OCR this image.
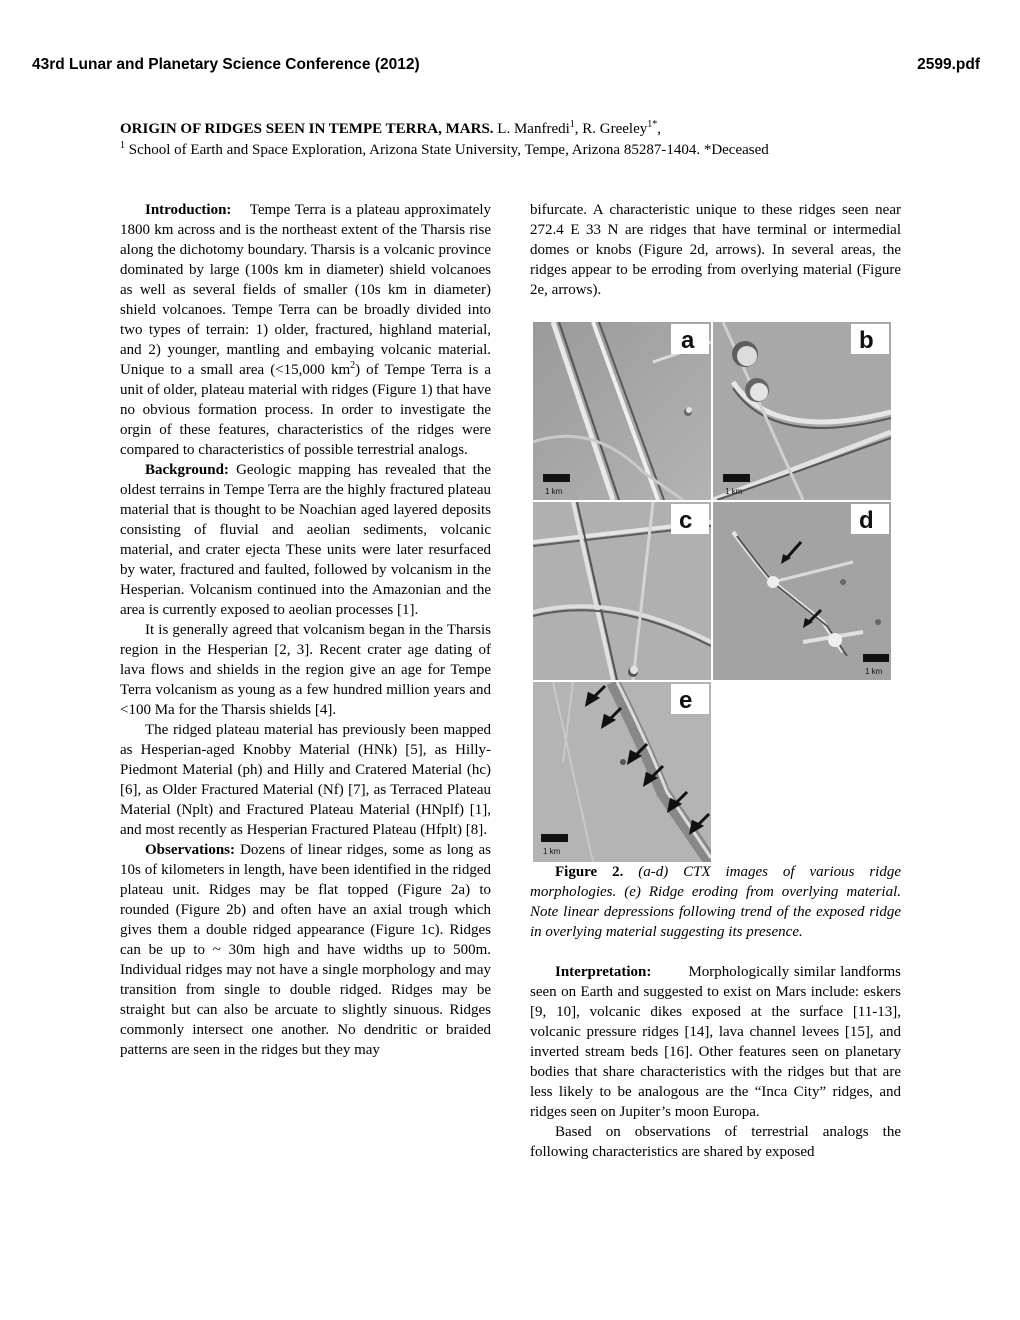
43rd Lunar and Planetary Science Conference (2012)	2599.pdf
ORIGIN OF RIDGES SEEN IN TEMPE TERRA, MARS. L. Manfredi$^1$, R. Greeley$^{1*}$,
$^1$ School of Earth and Space Exploration, Arizona State University, Tempe, Arizona 85287-1404. *Deceased

Introduction: Tempe Terra is a plateau approximately 1800 km across and is the northeast extent of the Tharsis rise along the dichotomy boundary. Tharsis is a volcanic province dominated by large (100s km in diameter) shield volcanoes as well as several fields of smaller (10s km in diameter) shield volcanoes. Tempe Terra can be broadly divided into two types of terrain: 1) older, fractured, highland material, and 2) younger, mantling and embaying volcanic material. Unique to a small area (<15,000 $km^2$) of Tempe Terra is a unit of older, plateau material with ridges (Figure 1) that have no obvious formation process. In order to investigate the orgin of these features, characteristics of the ridges were compared to characteristics of possible terrestrial analogs.

Background: Geologic mapping has revealed that the oldest terrains in Tempe Terra are the highly fractured plateau material that is thought to be Noachian aged layered deposits consisting of fluvial and aeolian sediments, volcanic material, and crater ejecta These units were later resurfaced by water, fractured and faulted, followed by volcanism in the Hesperian. Volcanism continued into the Amazonian and the area is currently exposed to aeolian processes [1].

It is generally agreed that volcanism began in the Tharsis region in the Hesperian [2, 3]. Recent crater age dating of lava flows and shields in the region give an age for Tempe Terra volcanism as young as a few hundred million years and <100 Ma for the Tharsis shields [4].

The ridged plateau material has previously been mapped as Hesperian-aged Knobby Material (HNk) [5], as Hilly-Piedmont Material (ph) and Hilly and Cratered Material (hc) [6], as Older Fractured Material (Nf) [7], as Terraced Plateau Material (Nplt) and Fractured Plateau Material (HNplf) [1], and most recently as Hesperian Fractured Plateau (Hfplt) [8].

Observations: Dozens of linear ridges, some as long as 10s of kilometers in length, have been identified in the ridged plateau unit. Ridges may be flat topped (Figure 2a) to rounded (Figure 2b) and often have an axial trough which gives them a double ridged appearance (Figure 1c). Ridges can be up to ~ 30m high and have widths up to 500m. Individual ridges may not have a single morphology and may transition from single to double ridged. Ridges may be straight but can also be arcuate to slightly sinuous. Ridges commonly intersect one another. No dendritic or braided patterns are seen in the ridges but they may

bifurcate. A characteristic unique to these ridges seen near 272.4 E 33 N are ridges that have terminal or intermedial domes or knobs (Figure 2d, arrows). In several areas, the ridges appear to be erroding from overlying material (Figure 2e, arrows).

1 km
a
1 km
b
c
1 km
d
1 km
e

Figure 2. (a-d) CTX images of various ridge morphologies. (e) Ridge eroding from overlying material. Note linear depressions following trend of the exposed ridge in overlying material suggesting its presence.

Interpretation: Morphologically similar landforms seen on Earth and suggested to exist on Mars include: eskers [9, 10], volcanic dikes exposed at the surface [11-13], volcanic pressure ridges [14], lava channel levees [15], and inverted stream beds [16]. Other features seen on planetary bodies that share characteristics with the ridges but that are less likely to be analogous are the “Inca City” ridges, and ridges seen on Jupiter’s moon Europa.

Based on observations of terrestrial analogs the following characteristics are shared by exposed
